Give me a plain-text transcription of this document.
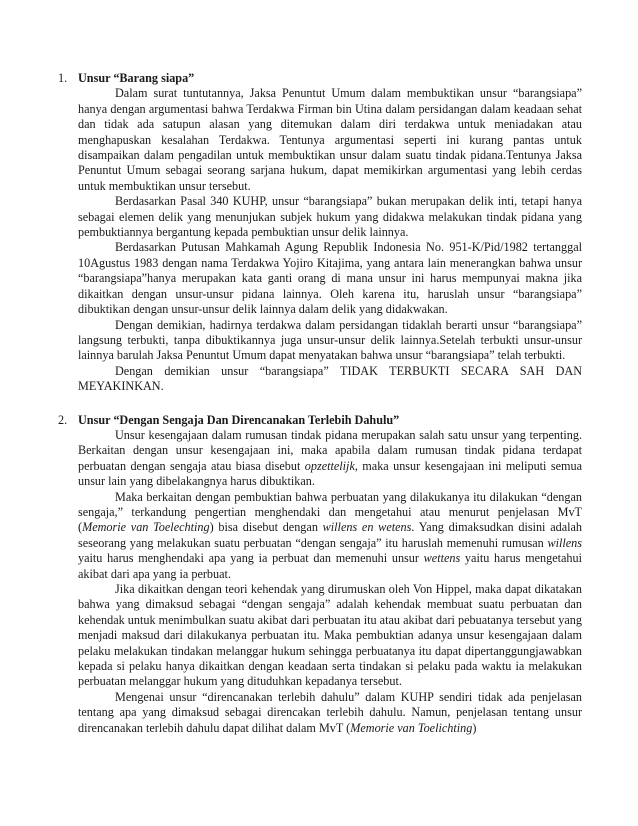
1. Unsur “Barang siapa”

Dalam surat tuntutannya, Jaksa Penuntut Umum dalam membuktikan unsur “barangsiapa” hanya dengan argumentasi bahwa Terdakwa Firman bin Utina dalam persidangan dalam keadaan sehat dan tidak ada satupun alasan yang ditemukan dalam diri terdakwa untuk meniadakan atau menghapuskan kesalahan Terdakwa. Tentunya argumentasi seperti ini kurang pantas untuk disampaikan dalam pengadilan untuk membuktikan unsur dalam suatu tindak pidana.Tentunya Jaksa Penuntut Umum sebagai seorang sarjana hukum, dapat memikirkan argumentasi yang lebih cerdas untuk membuktikan unsur tersebut.

Berdasarkan Pasal 340 KUHP, unsur “barangsiapa” bukan merupakan delik inti, tetapi hanya sebagai elemen delik yang menunjukan subjek hukum yang didakwa melakukan tindak pidana yang pembuktiannya bergantung kepada pembuktian unsur delik lainnya.

Berdasarkan Putusan Mahkamah Agung Republik Indonesia No. 951-K/Pid/1982 tertanggal 10Agustus 1983 dengan nama Terdakwa Yojiro Kitajima, yang antara lain menerangkan bahwa unsur “barangsiapa”hanya merupakan kata ganti orang di mana unsur ini harus mempunyai makna jika dikaitkan dengan unsur-unsur pidana lainnya. Oleh karena itu, haruslah unsur “barangsiapa” dibuktikan dengan unsur-unsur delik lainnya dalam delik yang didakwakan.

Dengan demikian, hadirnya terdakwa dalam persidangan tidaklah berarti unsur “barangsiapa” langsung terbukti, tanpa dibuktikannya juga unsur-unsur delik lainnya.Setelah terbukti unsur-unsur lainnya barulah Jaksa Penuntut Umum dapat menyatakan bahwa unsur “barangsiapa” telah terbukti.

Dengan demikian unsur “barangsiapa” TIDAK TERBUKTI SECARA SAH DAN MEYAKINKAN.

2. Unsur “Dengan Sengaja Dan Direncanakan Terlebih Dahulu”

Unsur kesengajaan dalam rumusan tindak pidana merupakan salah satu unsur yang terpenting. Berkaitan dengan unsur kesengajaan ini, maka apabila dalam rumusan tindak pidana terdapat perbuatan dengan sengaja atau biasa disebut opzettelijk, maka unsur kesengajaan ini meliputi semua unsur lain yang dibelakangnya harus dibuktikan.

Maka berkaitan dengan pembuktian bahwa perbuatan yang dilakukanya itu dilakukan “dengan sengaja,” terkandung pengertian menghendaki dan mengetahui atau menurut penjelasan MvT (Memorie van Toelechting) bisa disebut dengan willens en wetens. Yang dimaksudkan disini adalah seseorang yang melakukan suatu perbuatan “dengan sengaja” itu haruslah memenuhi rumusan willens yaitu harus menghendaki apa yang ia perbuat dan memenuhi unsur wettens yaitu harus mengetahui akibat dari apa yang ia perbuat.

Jika dikaitkan dengan teori kehendak yang dirumuskan oleh Von Hippel, maka dapat dikatakan bahwa yang dimaksud sebagai “dengan sengaja” adalah kehendak membuat suatu perbuatan dan kehendak untuk menimbulkan suatu akibat dari perbuatan itu atau akibat dari pebuatanya tersebut yang menjadi maksud dari dilakukanya perbuatan itu. Maka pembuktian adanya unsur kesengajaan dalam pelaku melakukan tindakan melanggar hukum sehingga perbuatanya itu dapat dipertanggungjawabkan kepada si pelaku hanya dikaitkan dengan keadaan serta tindakan si pelaku pada waktu ia melakukan perbuatan melanggar hukum yang dituduhkan kepadanya tersebut.

Mengenai unsur “direncanakan terlebih dahulu” dalam KUHP sendiri tidak ada penjelasan tentang apa yang dimaksud sebagai direncakan terlebih dahulu. Namun, penjelasan tentang unsur direncanakan terlebih dahulu dapat dilihat dalam MvT (Memorie van Toelichting)
